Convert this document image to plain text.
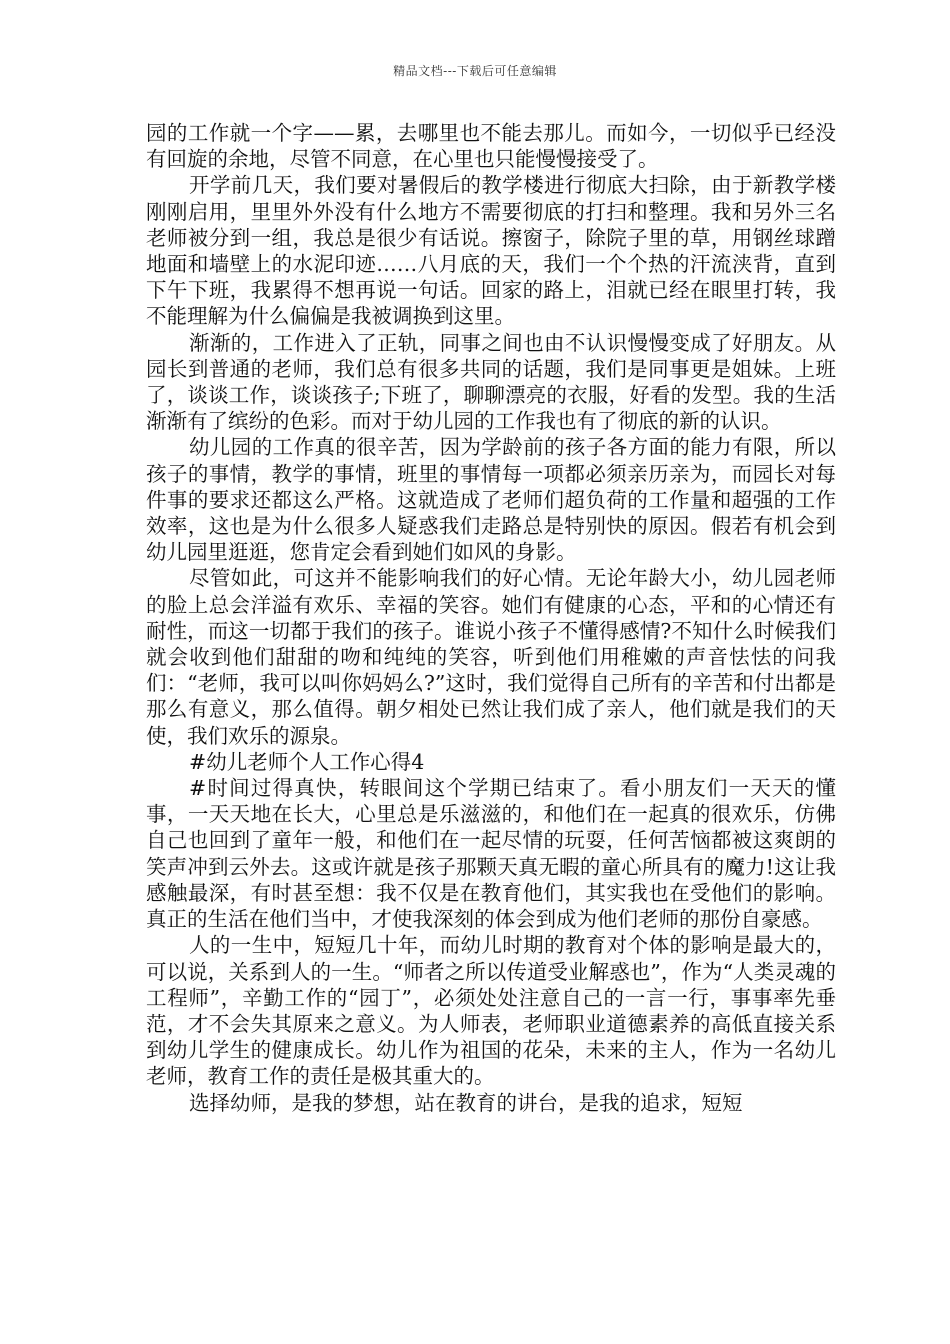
精品文档---下载后可任意编辑

园的工作就一个字——累，去哪里也不能去那儿。而如今，一切似乎已经没有回旋的余地，尽管不同意，在心里也只能慢慢接受了。

开学前几天，我们要对暑假后的教学楼进行彻底大扫除，由于新教学楼刚刚启用，里里外外没有什么地方不需要彻底的打扫和整理。我和另外三名老师被分到一组，我总是很少有话说。擦窗子，除院子里的草，用钢丝球蹭地面和墙壁上的水泥印迹……八月底的天，我们一个个热的汗流浃背，直到下午下班，我累得不想再说一句话。回家的路上，泪就已经在眼里打转，我不能理解为什么偏偏是我被调换到这里。

渐渐的，工作进入了正轨，同事之间也由不认识慢慢变成了好朋友。从园长到普通的老师，我们总有很多共同的话题，我们是同事更是姐妹。上班了，谈谈工作，谈谈孩子;下班了，聊聊漂亮的衣服，好看的发型。我的生活渐渐有了缤纷的色彩。而对于幼儿园的工作我也有了彻底的新的认识。

幼儿园的工作真的很辛苦，因为学龄前的孩子各方面的能力有限，所以孩子的事情，教学的事情，班里的事情每一项都必须亲历亲为，而园长对每件事的要求还都这么严格。这就造成了老师们超负荷的工作量和超强的工作效率，这也是为什么很多人疑惑我们走路总是特别快的原因。假若有机会到幼儿园里逛逛，您肯定会看到她们如风的身影。

尽管如此，可这并不能影响我们的好心情。无论年龄大小，幼儿园老师的脸上总会洋溢有欢乐、幸福的笑容。她们有健康的心态，平和的心情还有耐性，而这一切都于我们的孩子。谁说小孩子不懂得感情?不知什么时候我们就会收到他们甜甜的吻和纯纯的笑容，听到他们用稚嫩的声音怯怯的问我们：“老师，我可以叫你妈妈么?”这时，我们觉得自己所有的辛苦和付出都是那么有意义，那么值得。朝夕相处已然让我们成了亲人，他们就是我们的天使，我们欢乐的源泉。

#幼儿老师个人工作心得4

#时间过得真快，转眼间这个学期已结束了。看小朋友们一天天的懂事，一天天地在长大，心里总是乐滋滋的，和他们在一起真的很欢乐，仿佛自己也回到了童年一般，和他们在一起尽情的玩耍，任何苦恼都被这爽朗的笑声冲到云外去。这或许就是孩子那颗天真无暇的童心所具有的魔力!这让我感触最深，有时甚至想：我不仅是在教育他们，其实我也在受他们的影响。真正的生活在他们当中，才使我深刻的体会到成为他们老师的那份自豪感。

人的一生中，短短几十年，而幼儿时期的教育对个体的影响是最大的，可以说，关系到人的一生。“师者之所以传道受业解惑也”，作为“人类灵魂的工程师”，辛勤工作的“园丁”，必须处处注意自己的一言一行，事事率先垂范，才不会失其原来之意义。为人师表，老师职业道德素养的高低直接关系到幼儿学生的健康成长。幼儿作为祖国的花朵，未来的主人，作为一名幼儿老师，教育工作的责任是极其重大的。

选择幼师，是我的梦想，站在教育的讲台，是我的追求，短短
